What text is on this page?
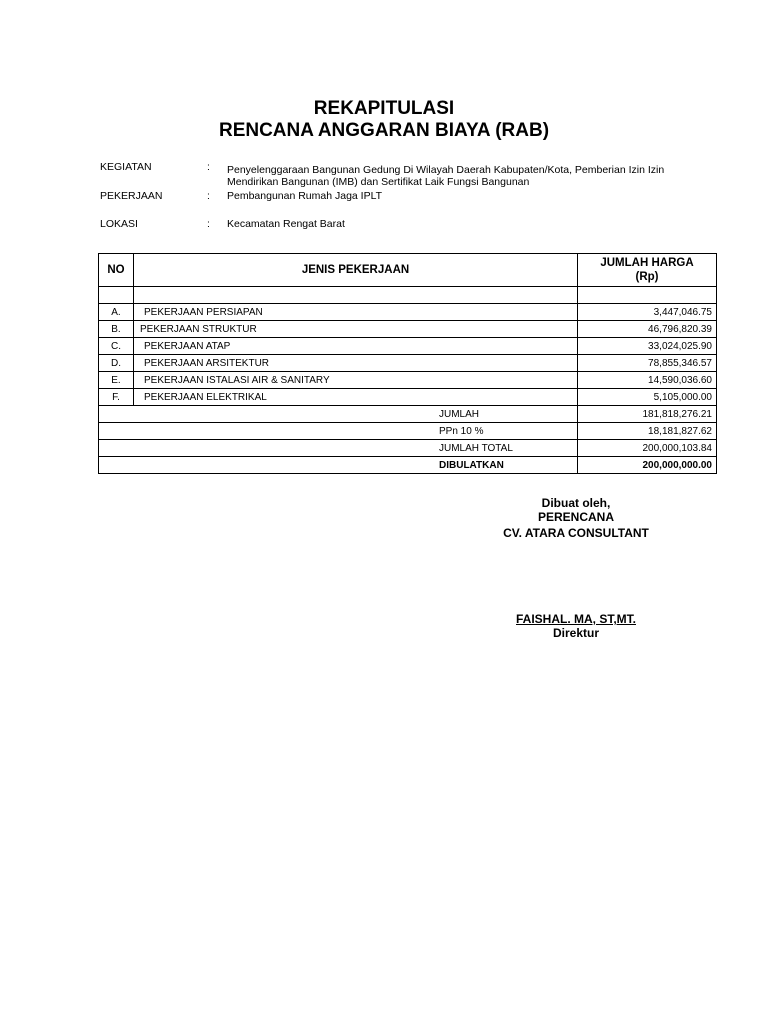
REKAPITULASI
RENCANA ANGGARAN BIAYA (RAB)
KEGIATAN	: Penyelenggaraan Bangunan Gedung Di Wilayah Daerah Kabupaten/Kota, Pemberian Izin Izin Mendirikan Bangunan (IMB) dan Sertifikat Laik Fungsi Bangunan
PEKERJAAN	: Pembangunan Rumah Jaga IPLT
LOKASI	: Kecamatan Rengat Barat
NO	JENIS PEKERJAAN	JUMLAH HARGA
(Rp)

A.	PEKERJAAN PERSIAPAN	3,447,046.75
B.	PEKERJAAN STRUKTUR	46,796,820.39
C.	PEKERJAAN ATAP	33,024,025.90
D.	PEKERJAAN ARSITEKTUR	78,855,346.57
E.	PEKERJAAN ISTALASI AIR & SANITARY	14,590,036.60
F.	PEKERJAAN ELEKTRIKAL	5,105,000.00
JUMLAH		181,818,276.21
PPn 10 %		18,181,827.62
JUMLAH TOTAL		200,000,103.84
DIBULATKAN		200,000,000.00
Dibuat oleh,
PERENCANA
CV. ATARA CONSULTANT
FAISHAL. MA, ST,MT.
Direktur
